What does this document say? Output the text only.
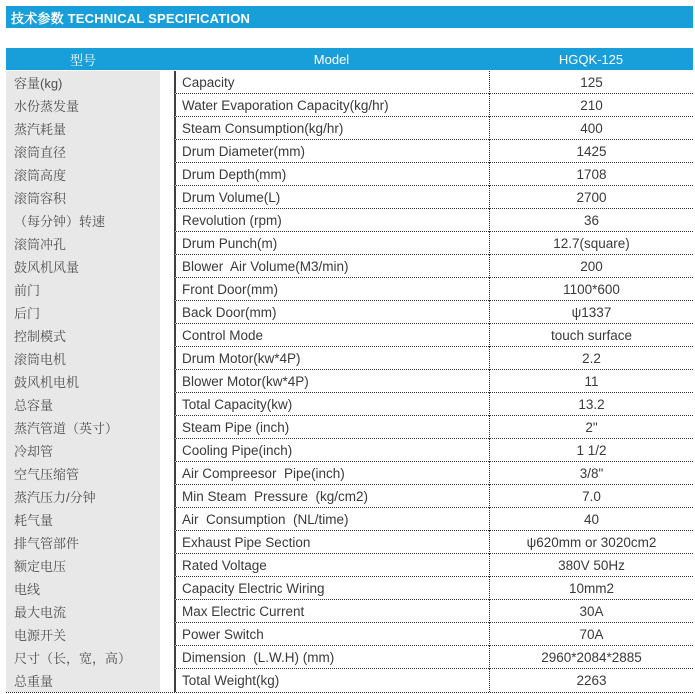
技术参数 TECHNICAL SPECIFICATION
型号	Model	HGQK-125
容量(kg)	Capacity	125
水份蒸发量	Water Evaporation Capacity(kg/hr)	210
蒸汽耗量	Steam Consumption(kg/hr)	400
滚筒直径	Drum Diameter(mm)	1425
滚筒高度	Drum Depth(mm)	1708
滚筒容积	Drum Volume(L)	2700
（每分钟）转速	Revolution (rpm)	36
滚筒冲孔	Drum Punch(m)	12.7(square)
鼓风机风量	Blower  Air Volume(M3/min)	200
前门	Front Door(mm)	1100*600
后门	Back Door(mm)	ψ1337
控制模式	Control Mode	touch surface
滚筒电机	Drum Motor(kw*4P)	2.2
鼓风机电机	Blower Motor(kw*4P)	11
总容量	Total Capacity(kw)	13.2
蒸汽管道（英寸）	Steam Pipe (inch)	2"
冷却管	Cooling Pipe(inch)	1 1/2
空气压缩管	Air Compreesor  Pipe(inch)	3/8"
蒸汽压力/分钟	Min Steam  Pressure  (kg/cm2)	7.0
耗气量	Air  Consumption  (NL/time)	40
排气管部件	Exhaust Pipe Section	ψ620mm or 3020cm2
额定电压	Rated Voltage	380V 50Hz
电线	Capacity Electric Wiring	10mm2
最大电流	Max Electric Current	30A
电源开关	Power Switch	70A
尺寸（长，宽，高）	Dimension  (L.W.H) (mm)	2960*2084*2885
总重量	Total Weight(kg)	2263
